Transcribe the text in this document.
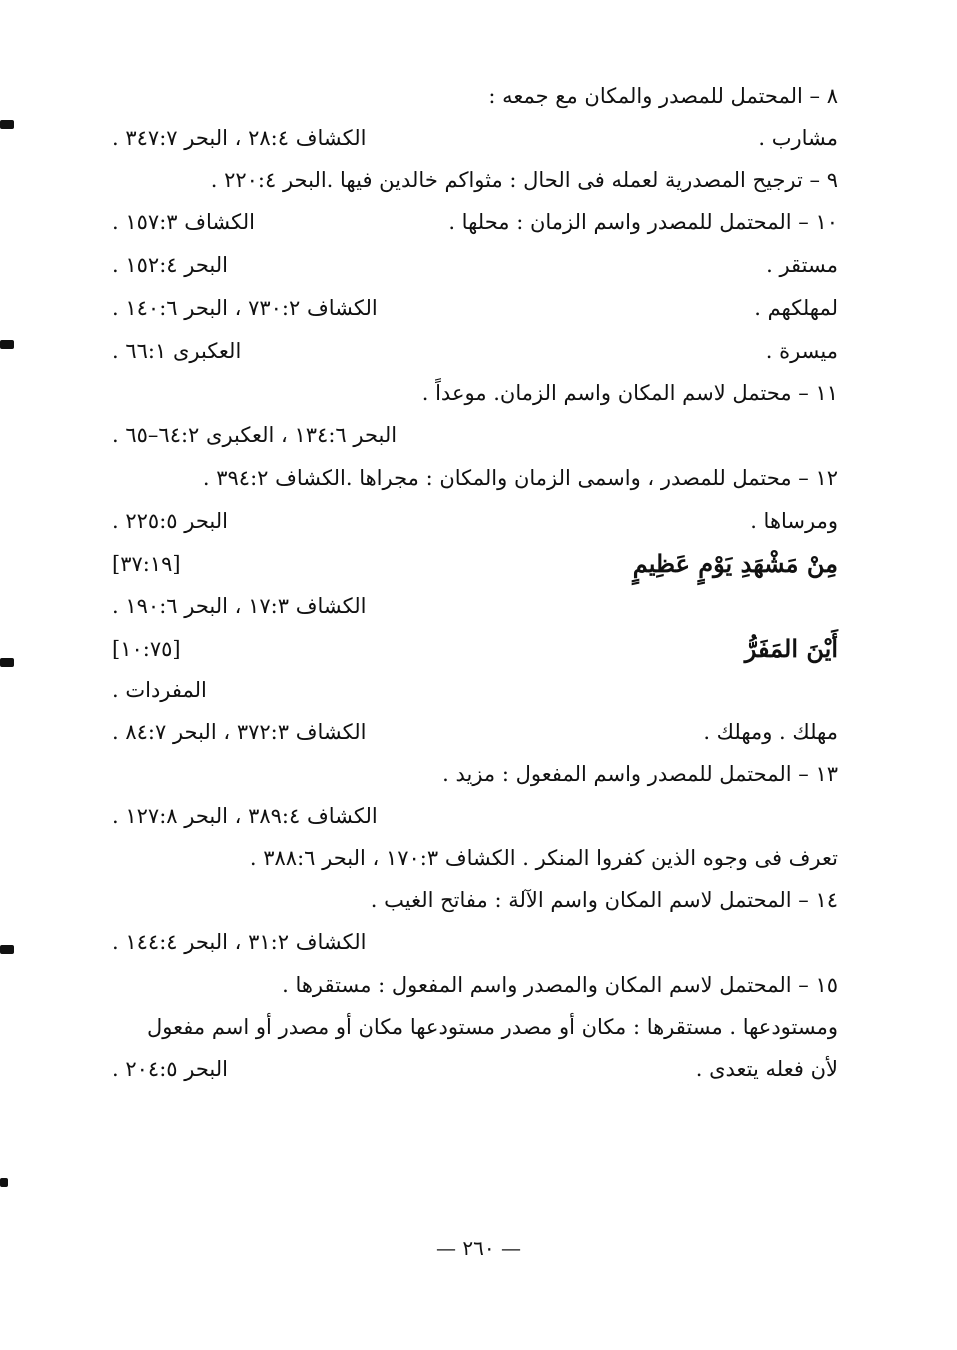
٨ – المحتمل للمصدر والمكان مع جمعه :
مشارب .
الكشاف ٢٨:٤ ، البحر ٣٤٧:٧ .
٩ – ترجيح المصدرية لعمله فى الحال : مثواكم خالدين فيها .البحر ٢٢٠:٤ .
١٠ – المحتمل للمصدر واسم الزمان : محلها .
الكشاف ١٥٧:٣ .
مستقر .
البحر ١٥٢:٤ .
لمهلكهم .
الكشاف ٧٣٠:٢ ، البحر ١٤٠:٦ .
ميسرة .
العكبرى ٦٦:١ .
١١ – محتمل لاسم المكان واسم الزمان. موعداً .
البحر ١٣٤:٦ ، العكبرى ٦٤:٢–٦٥ .
١٢ – محتمل للمصدر ، واسمى الزمان والمكان : مجراها .الكشاف ٣٩٤:٢ .
ومرساها .
البحر ٢٢٥:٥ .
مِنْ مَشْهَدِ يَوْمٍ عَظِيمٍ
[٣٧:١٩]
الكشاف ١٧:٣ ، البحر ١٩٠:٦ .
أَيْنَ المَفَرُّ
[١٠:٧٥]
المفردات .
مهلك . ومهلك .
الكشاف ٣٧٢:٣ ، البحر ٨٤:٧ .
١٣ – المحتمل للمصدر واسم المفعول : مزيد .
الكشاف ٣٨٩:٤ ، البحر ١٢٧:٨ .
تعرف فى وجوه الذين كفروا المنكر . الكشاف ١٧٠:٣ ، البحر ٣٨٨:٦ .
١٤ – المحتمل لاسم المكان واسم الآلة : مفاتح الغيب .
الكشاف ٣١:٢ ، البحر ١٤٤:٤ .
١٥ – المحتمل لاسم المكان والمصدر واسم المفعول : مستقرها .
ومستودعها . مستقرها : مكان أو مصدر مستودعها مكان أو مصدر أو اسم مفعول
لأن فعله يتعدى .
البحر ٢٠٤:٥ .
— ٢٦٠ —
